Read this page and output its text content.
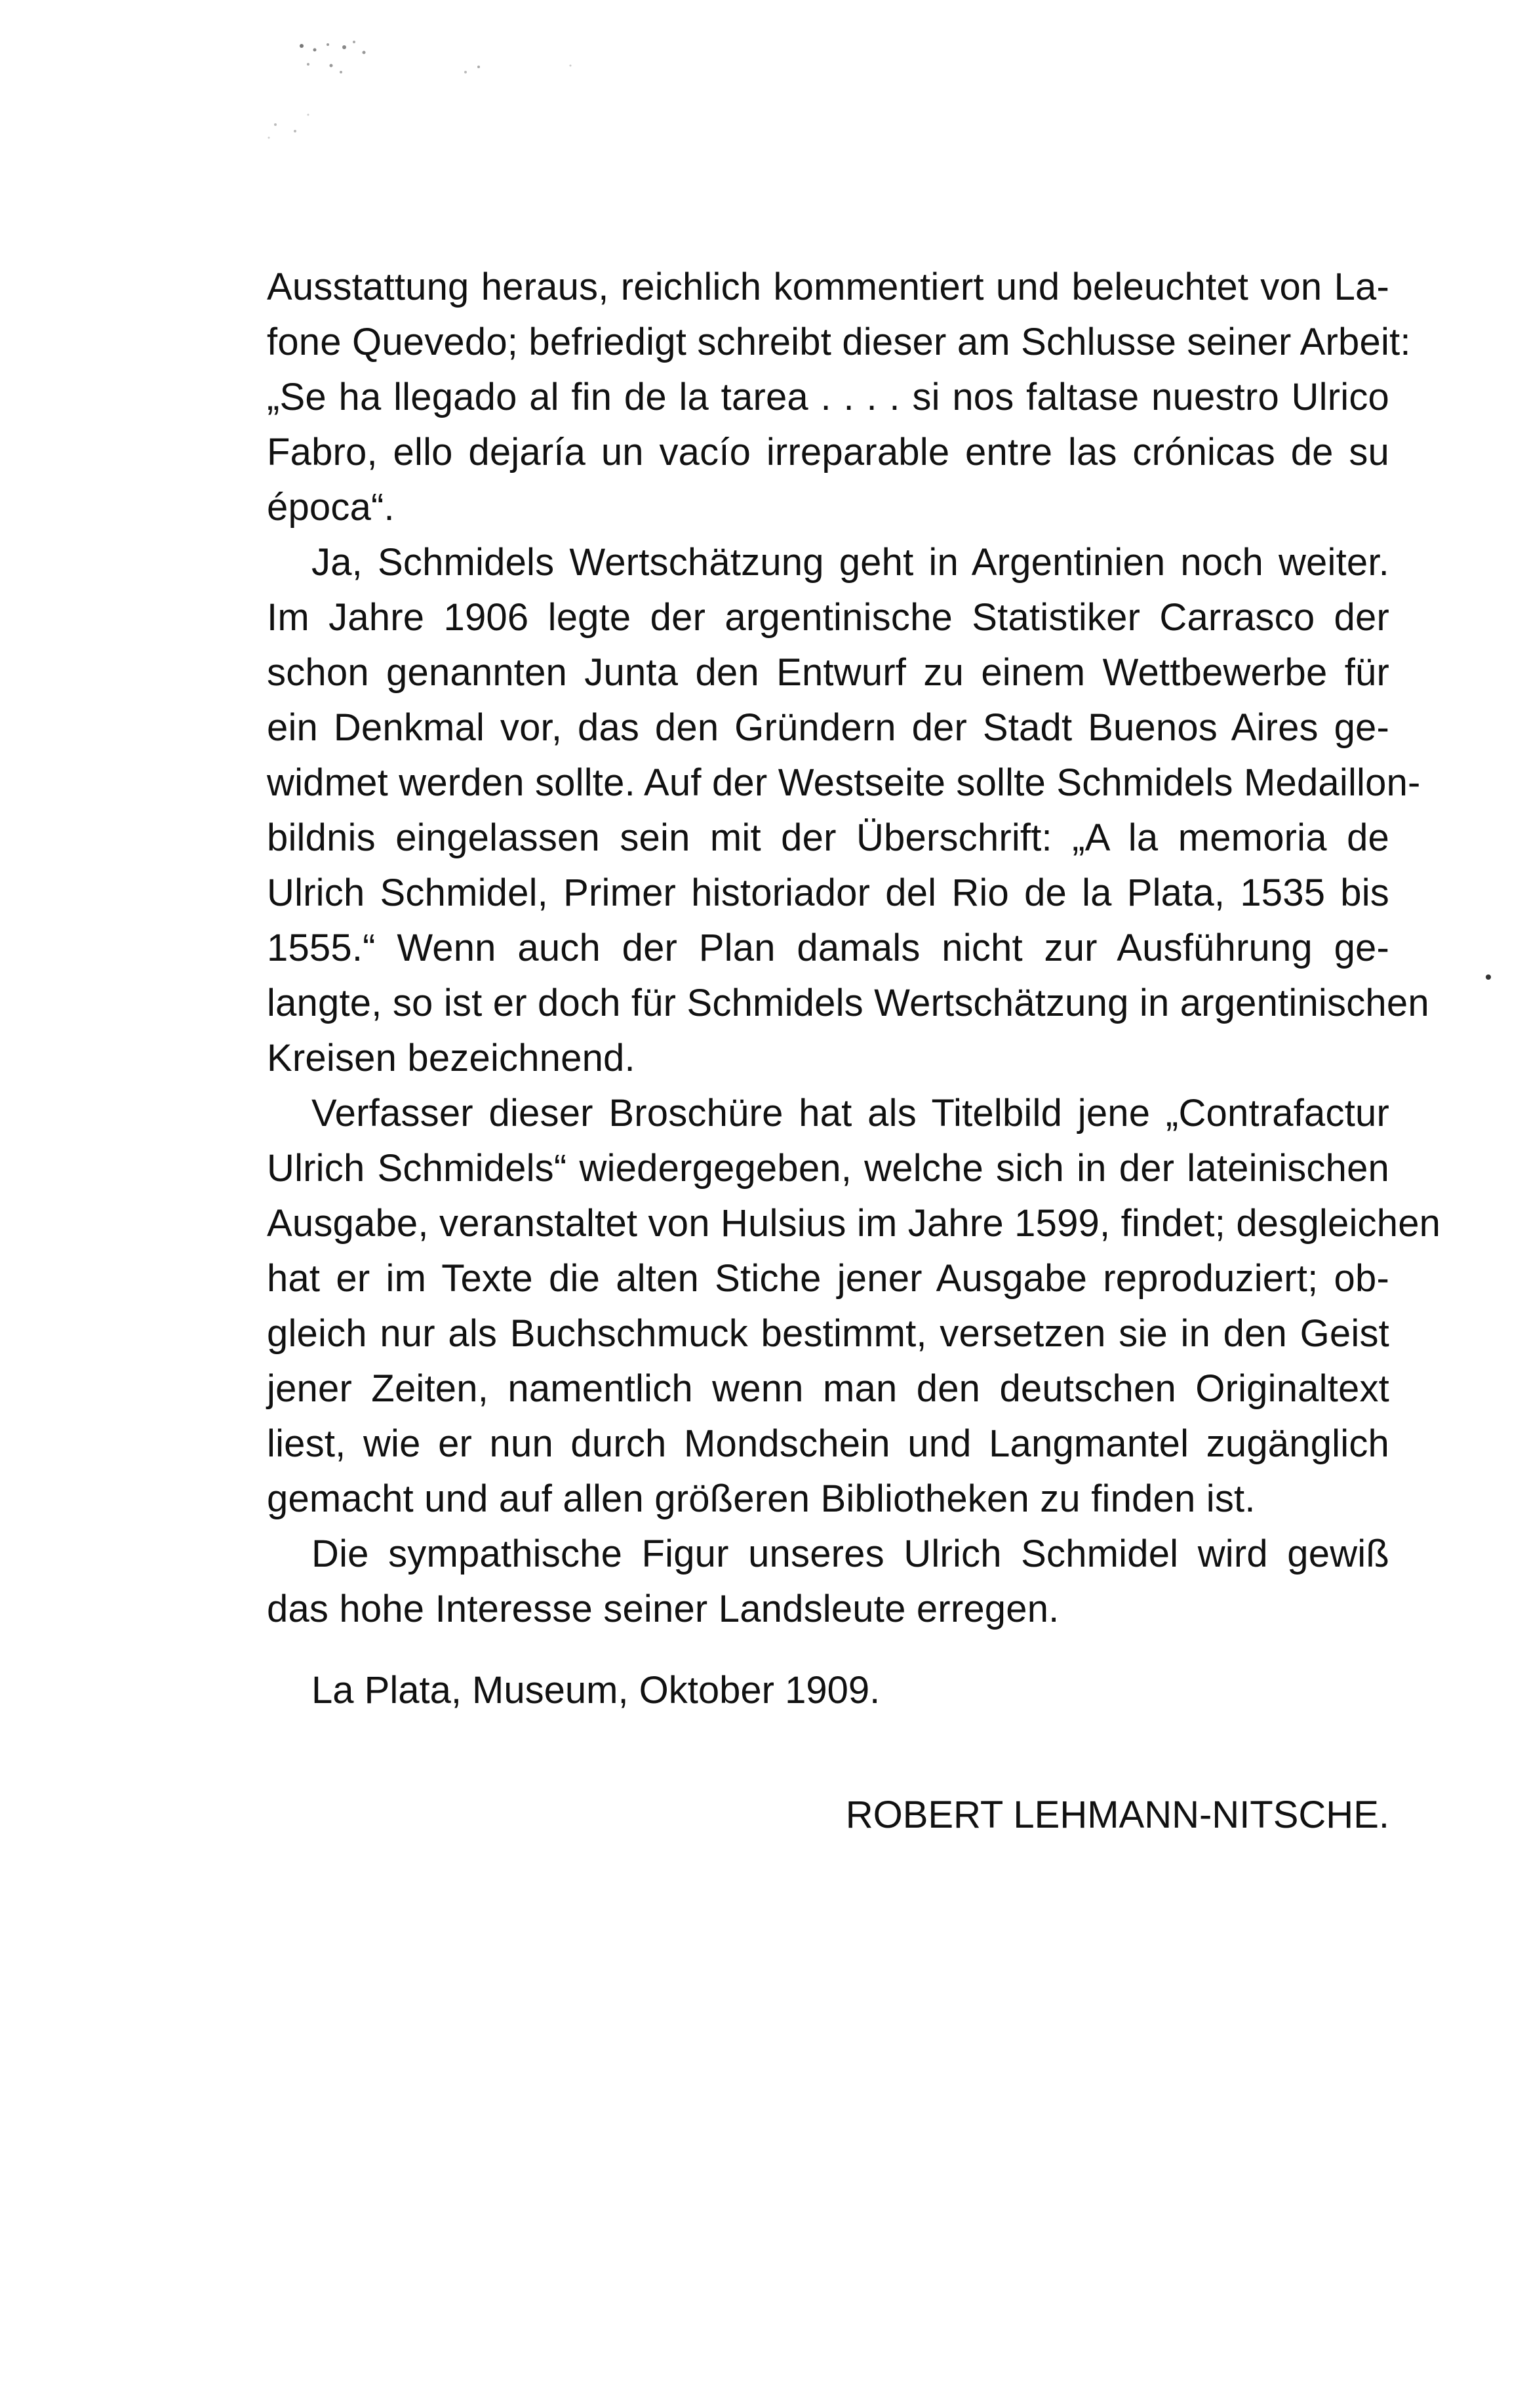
Ausstattung heraus, reichlich kommentiert und beleuchtet von La-
fone Quevedo; befriedigt schreibt dieser am Schlusse seiner Arbeit:
„Se ha llegado al fin de la tarea . . . . si nos faltase nuestro Ulrico
Fabro, ello dejaría un vacío irreparable entre las crónicas de su
época“.
Ja, Schmidels Wertschätzung geht in Argentinien noch weiter.
Im Jahre 1906 legte der argentinische Statistiker Carrasco der
schon genannten Junta den Entwurf zu einem Wettbewerbe für
ein Denkmal vor, das den Gründern der Stadt Buenos Aires ge-
widmet werden sollte. Auf der Westseite sollte Schmidels Medaillon-
bildnis eingelassen sein mit der Überschrift: „A la memoria de
Ulrich Schmidel, Primer historiador del Rio de la Plata, 1535 bis
1555.“ Wenn auch der Plan damals nicht zur Ausführung ge-
langte, so ist er doch für Schmidels Wertschätzung in argentinischen
Kreisen bezeichnend.
Verfasser dieser Broschüre hat als Titelbild jene „Contrafactur
Ulrich Schmidels“ wiedergegeben, welche sich in der lateinischen
Ausgabe, veranstaltet von Hulsius im Jahre 1599, findet; desgleichen
hat er im Texte die alten Stiche jener Ausgabe reproduziert; ob-
gleich nur als Buchschmuck bestimmt, versetzen sie in den Geist
jener Zeiten, namentlich wenn man den deutschen Originaltext
liest, wie er nun durch Mondschein und Langmantel zugänglich
gemacht und auf allen größeren Bibliotheken zu finden ist.
Die sympathische Figur unseres Ulrich Schmidel wird gewiß
das hohe Interesse seiner Landsleute erregen.
La Plata, Museum, Oktober 1909.
ROBERT LEHMANN-NITSCHE.
